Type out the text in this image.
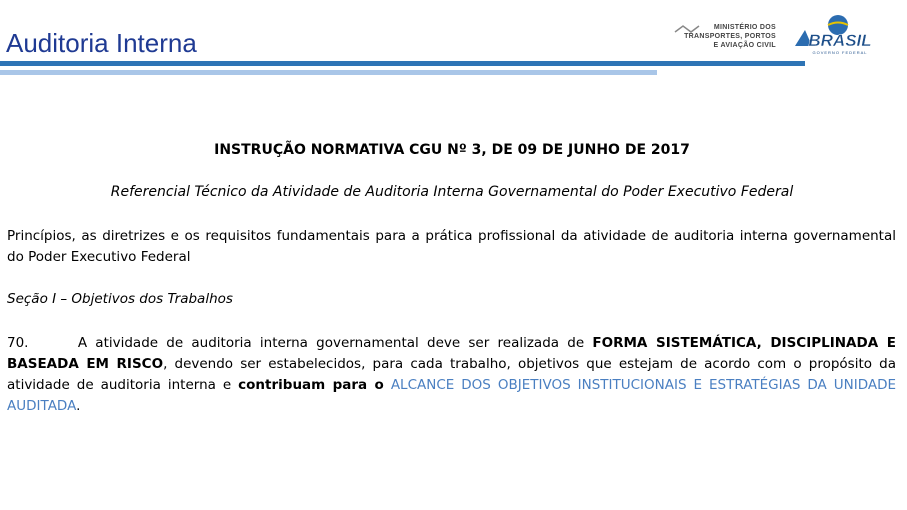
Auditoria Interna
MINISTÉRIO DOS
TRANSPORTES, PORTOS
E AVIAÇÃO CIVIL BRASIL
GOVERNO FEDERAL
INSTRUÇÃO NORMATIVA CGU Nº 3, DE 09 DE JUNHO DE 2017
Referencial Técnico da Atividade de Auditoria Interna Governamental do Poder Executivo Federal
Princípios, as diretrizes e os requisitos fundamentais para a prática profissional da atividade de auditoria interna governamental do Poder Executivo Federal
Seção I – Objetivos dos Trabalhos
70.	A atividade de auditoria interna governamental deve ser realizada de FORMA SISTEMÁTICA, DISCIPLINADA E BASEADA EM RISCO, devendo ser estabelecidos, para cada trabalho, objetivos que estejam de acordo com o propósito da atividade de auditoria interna e contribuam para o ALCANCE DOS OBJETIVOS INSTITUCIONAIS E ESTRATÉGIAS DA UNIDADE AUDITADA.
